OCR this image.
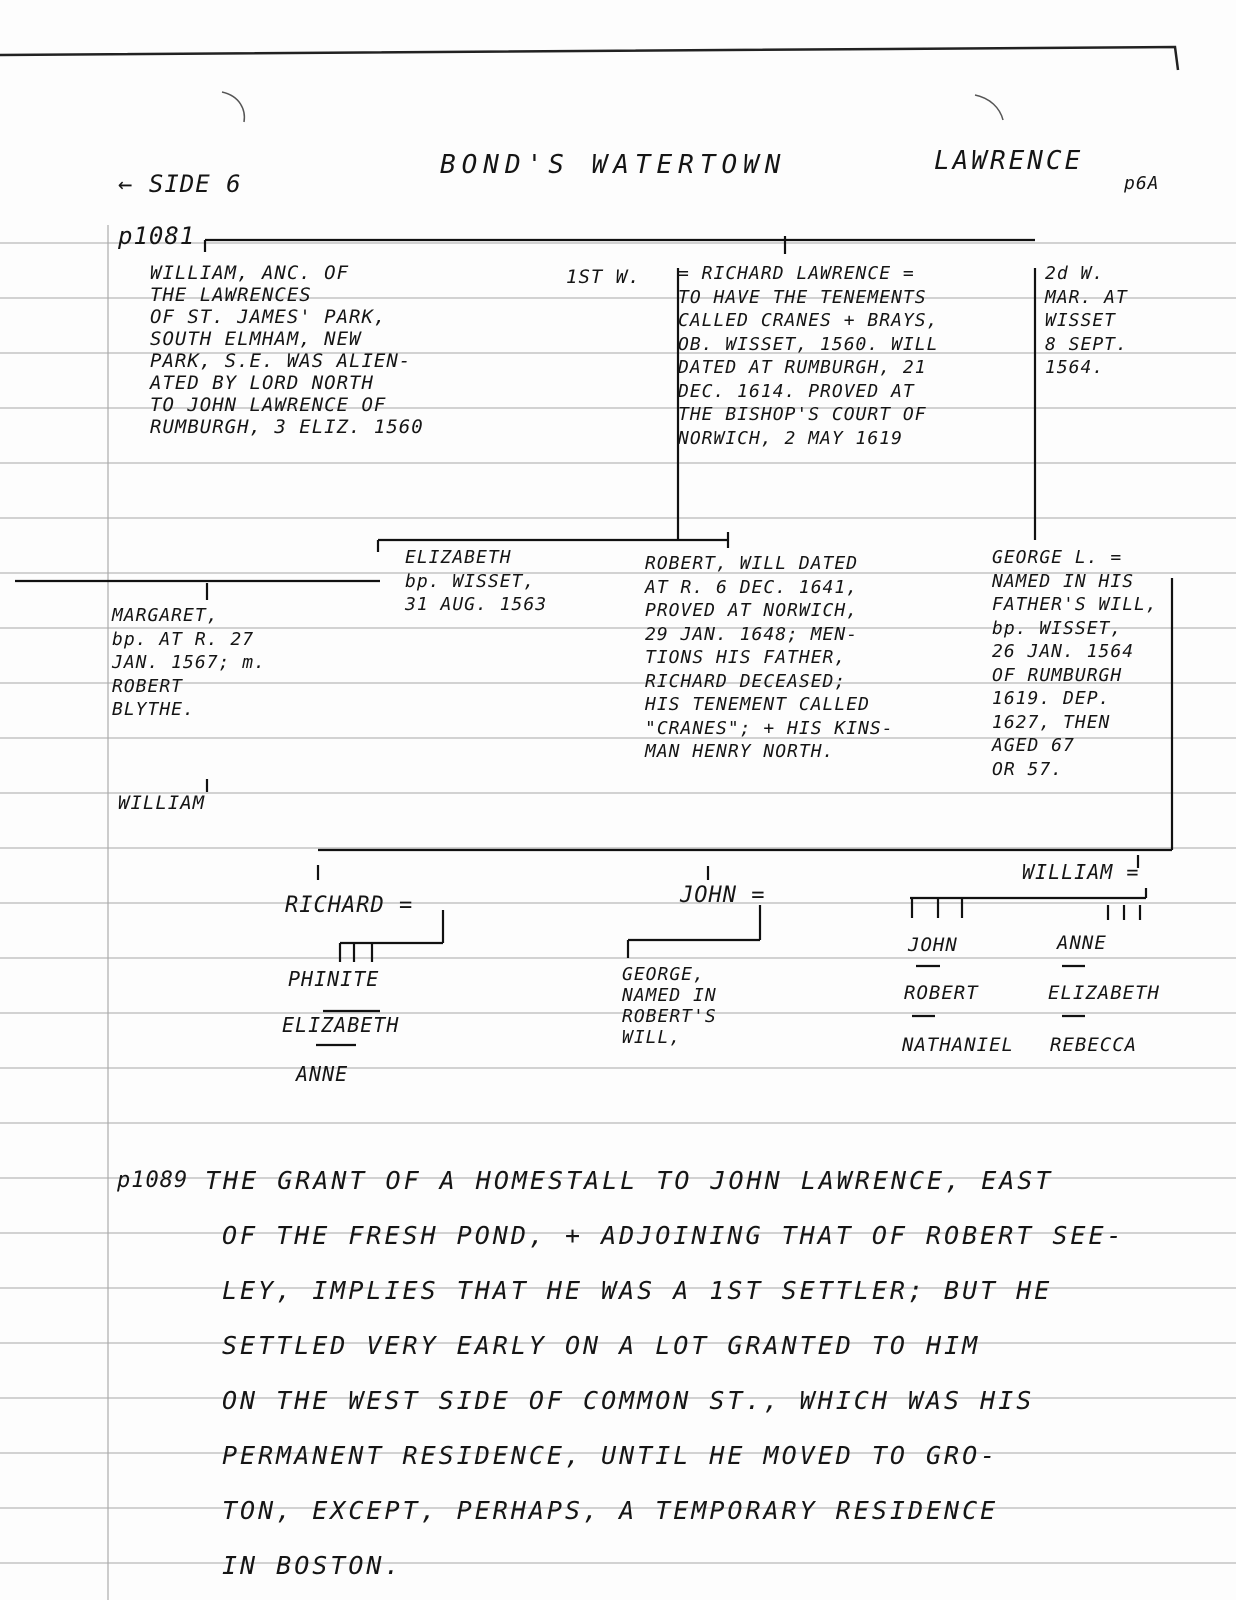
← SIDE 6
BOND'S WATERTOWN	LAWRENCE
p6A
p1081
WILLIAM, ANC. OF
THE LAWRENCES
OF ST. JAMES' PARK,
SOUTH ELMHAM, NEW
PARK, S.E. WAS ALIEN-
ATED BY LORD NORTH
TO JOHN LAWRENCE OF
RUMBURGH, 3 ELIZ. 1560
1ST W. = RICHARD LAWRENCE =
TO HAVE THE TENEMENTS
CALLED CRANES + BRAYS,
OB. WISSET, 1560. WILL
DATED AT RUMBURGH, 21
DEC. 1614. PROVED AT
THE BISHOP'S COURT OF
NORWICH, 2 MAY 1619
2d W.
MAR. AT
WISSET
8 SEPT.
1564.
MARGARET,
bp. AT R. 27
JAN. 1567; m.
ROBERT
BLYTHE.
WILLIAM
ELIZABETH
bp. WISSET,
31 AUG. 1563
ROBERT, WILL DATED
AT R. 6 DEC. 1641,
PROVED AT NORWICH,
29 JAN. 1648; MEN-
TIONS HIS FATHER,
RICHARD DECEASED;
HIS TENEMENT CALLED
"CRANES"; + HIS KINS-
MAN HENRY NORTH.
GEORGE L. =
NAMED IN HIS
FATHER'S WILL,
bp. WISSET,
26 JAN. 1564
OF RUMBURGH
1619. DEP.
1627, THEN
AGED 67
OR 57.
RICHARD =
PHINITE
ELIZABETH
ANNE
JOHN =
GEORGE,
NAMED IN
ROBERT'S
WILL,
WILLIAM =
JOHN	ANNE
ROBERT	ELIZABETH
NATHANIEL REBECCA
p1089 THE GRANT OF A HOMESTALL TO JOHN LAWRENCE, EAST
OF THE FRESH POND, + ADJOINING THAT OF ROBERT SEE-
LEY, IMPLIES THAT HE WAS A 1ST SETTLER; BUT HE
SETTLED VERY EARLY ON A LOT GRANTED TO HIM
ON THE WEST SIDE OF COMMON ST., WHICH WAS HIS
PERMANENT RESIDENCE, UNTIL HE MOVED TO GRO-
TON, EXCEPT, PERHAPS, A TEMPORARY RESIDENCE
IN BOSTON.
